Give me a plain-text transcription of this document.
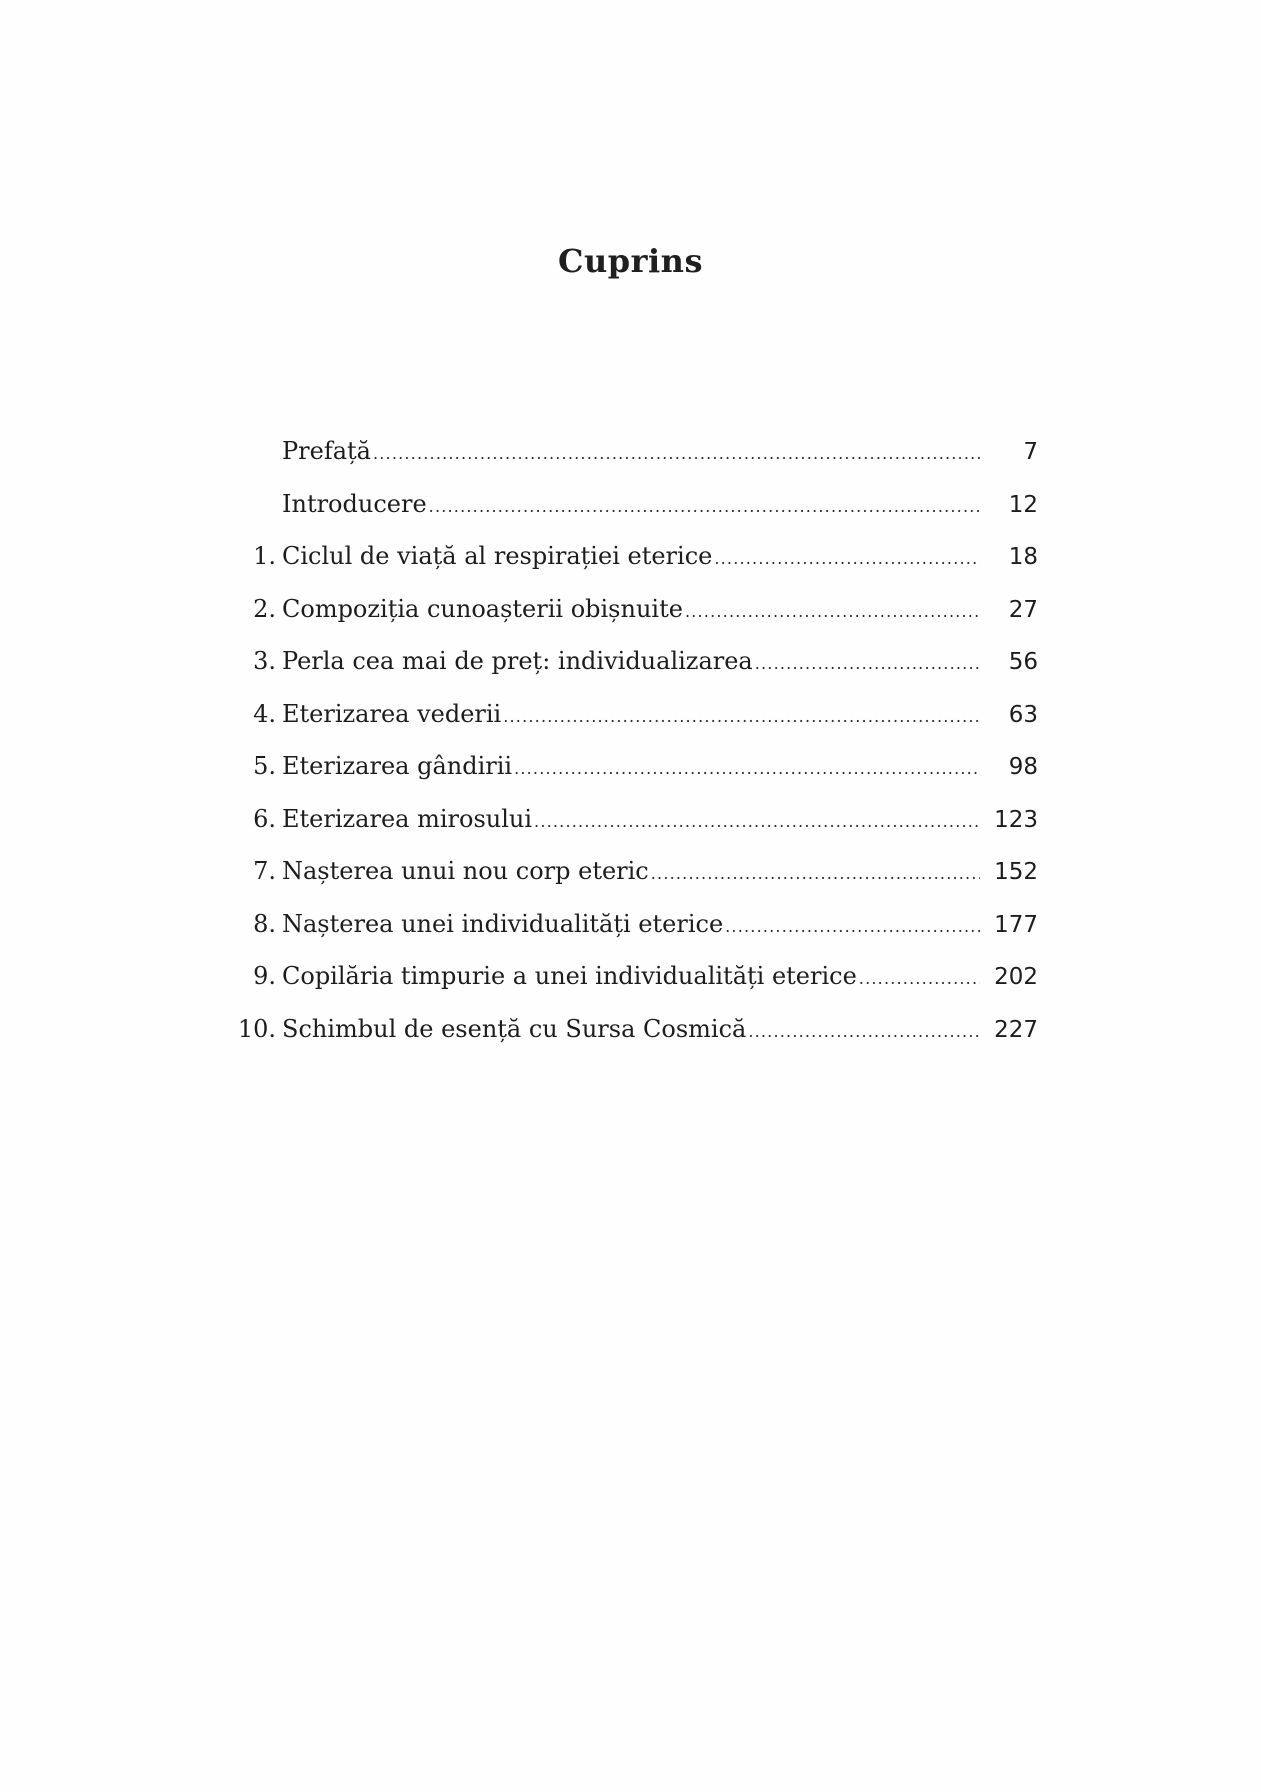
Cuprins
Prefață .....	7
Introducere .....	12
1. Ciclul de viață al respirației eterice .....	18
2. Compoziția cunoașterii obișnuite .....	27
3. Perla cea mai de preț: individualizarea .....	56
4. Eterizarea vederii .....	63
5. Eterizarea gândirii .....	98
6. Eterizarea mirosului .....	123
7. Nașterea unui nou corp eteric .....	152
8. Nașterea unei individualități eterice .....	177
9. Copilăria timpurie a unei individualități eterice .....	202
10. Schimbul de esență cu Sursa Cosmică .....	227
